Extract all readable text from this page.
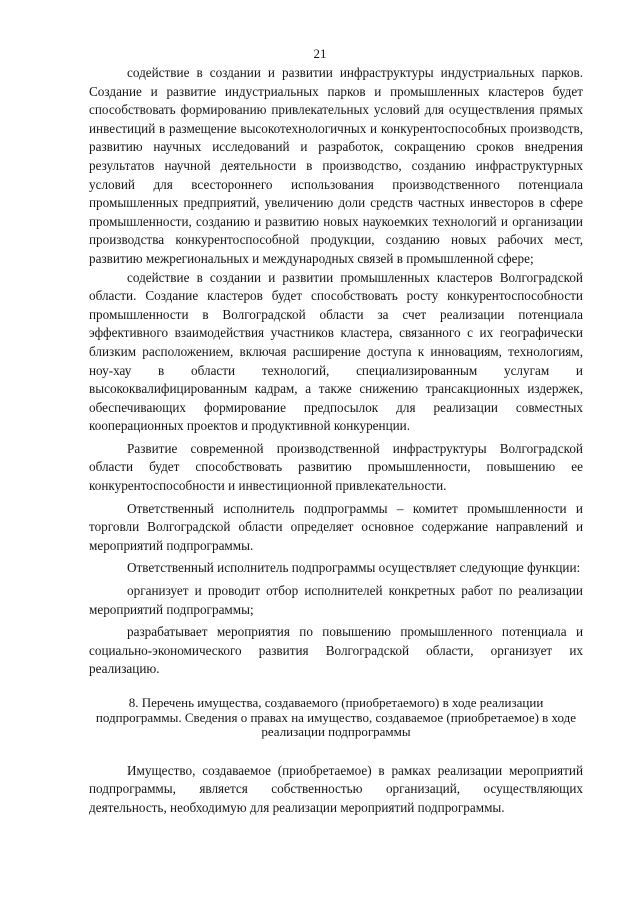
21

содействие в создании и развитии инфраструктуры индустриальных парков. Создание и развитие индустриальных парков и промышленных кластеров будет способствовать формированию привлекательных условий для осуществления прямых инвестиций в размещение высокотехнологичных и конкурентоспособных производств, развитию научных исследований и разработок, сокращению сроков внедрения результатов научной деятельности в производство, созданию инфраструктурных условий для всестороннего использования производственного потенциала промышленных предприятий, увеличению доли средств частных инвесторов в сфере промышленности, созданию и развитию новых наукоемких технологий и организации производства конкурентоспособной продукции, созданию новых рабочих мест, развитию межрегиональных и международных связей в промышленной сфере;

содействие в создании и развитии промышленных кластеров Волгоградской области. Создание кластеров будет способствовать росту конкурентоспособности промышленности в Волгоградской области за счет реализации потенциала эффективного взаимодействия участников кластера, связанного с их географически близким расположением, включая расширение доступа к инновациям, технологиям, ноу-хау в области технологий, специализированным услугам и высококвалифицированным кадрам, а также снижению трансакционных издержек, обеспечивающих формирование предпосылок для реализации совместных кооперационных проектов и продуктивной конкуренции.

Развитие современной производственной инфраструктуры Волгоградской области будет способствовать развитию промышленности, повышению ее конкурентоспособности и инвестиционной привлекательности.

Ответственный исполнитель подпрограммы – комитет промышленности и торговли Волгоградской области определяет основное содержание направлений и мероприятий подпрограммы.

Ответственный исполнитель подпрограммы осуществляет следующие функции:

организует и проводит отбор исполнителей конкретных работ по реализации мероприятий подпрограммы;

разрабатывает мероприятия по повышению промышленного потенциала и социально-экономического развития Волгоградской области, организует их реализацию.

8. Перечень имущества, создаваемого (приобретаемого) в ходе реализации подпрограммы. Сведения о правах на имущество, создаваемое (приобретаемое) в ходе реализации подпрограммы

Имущество, создаваемое (приобретаемое) в рамках реализации мероприятий подпрограммы, является собственностью организаций, осуществляющих деятельность, необходимую для реализации мероприятий подпрограммы.
